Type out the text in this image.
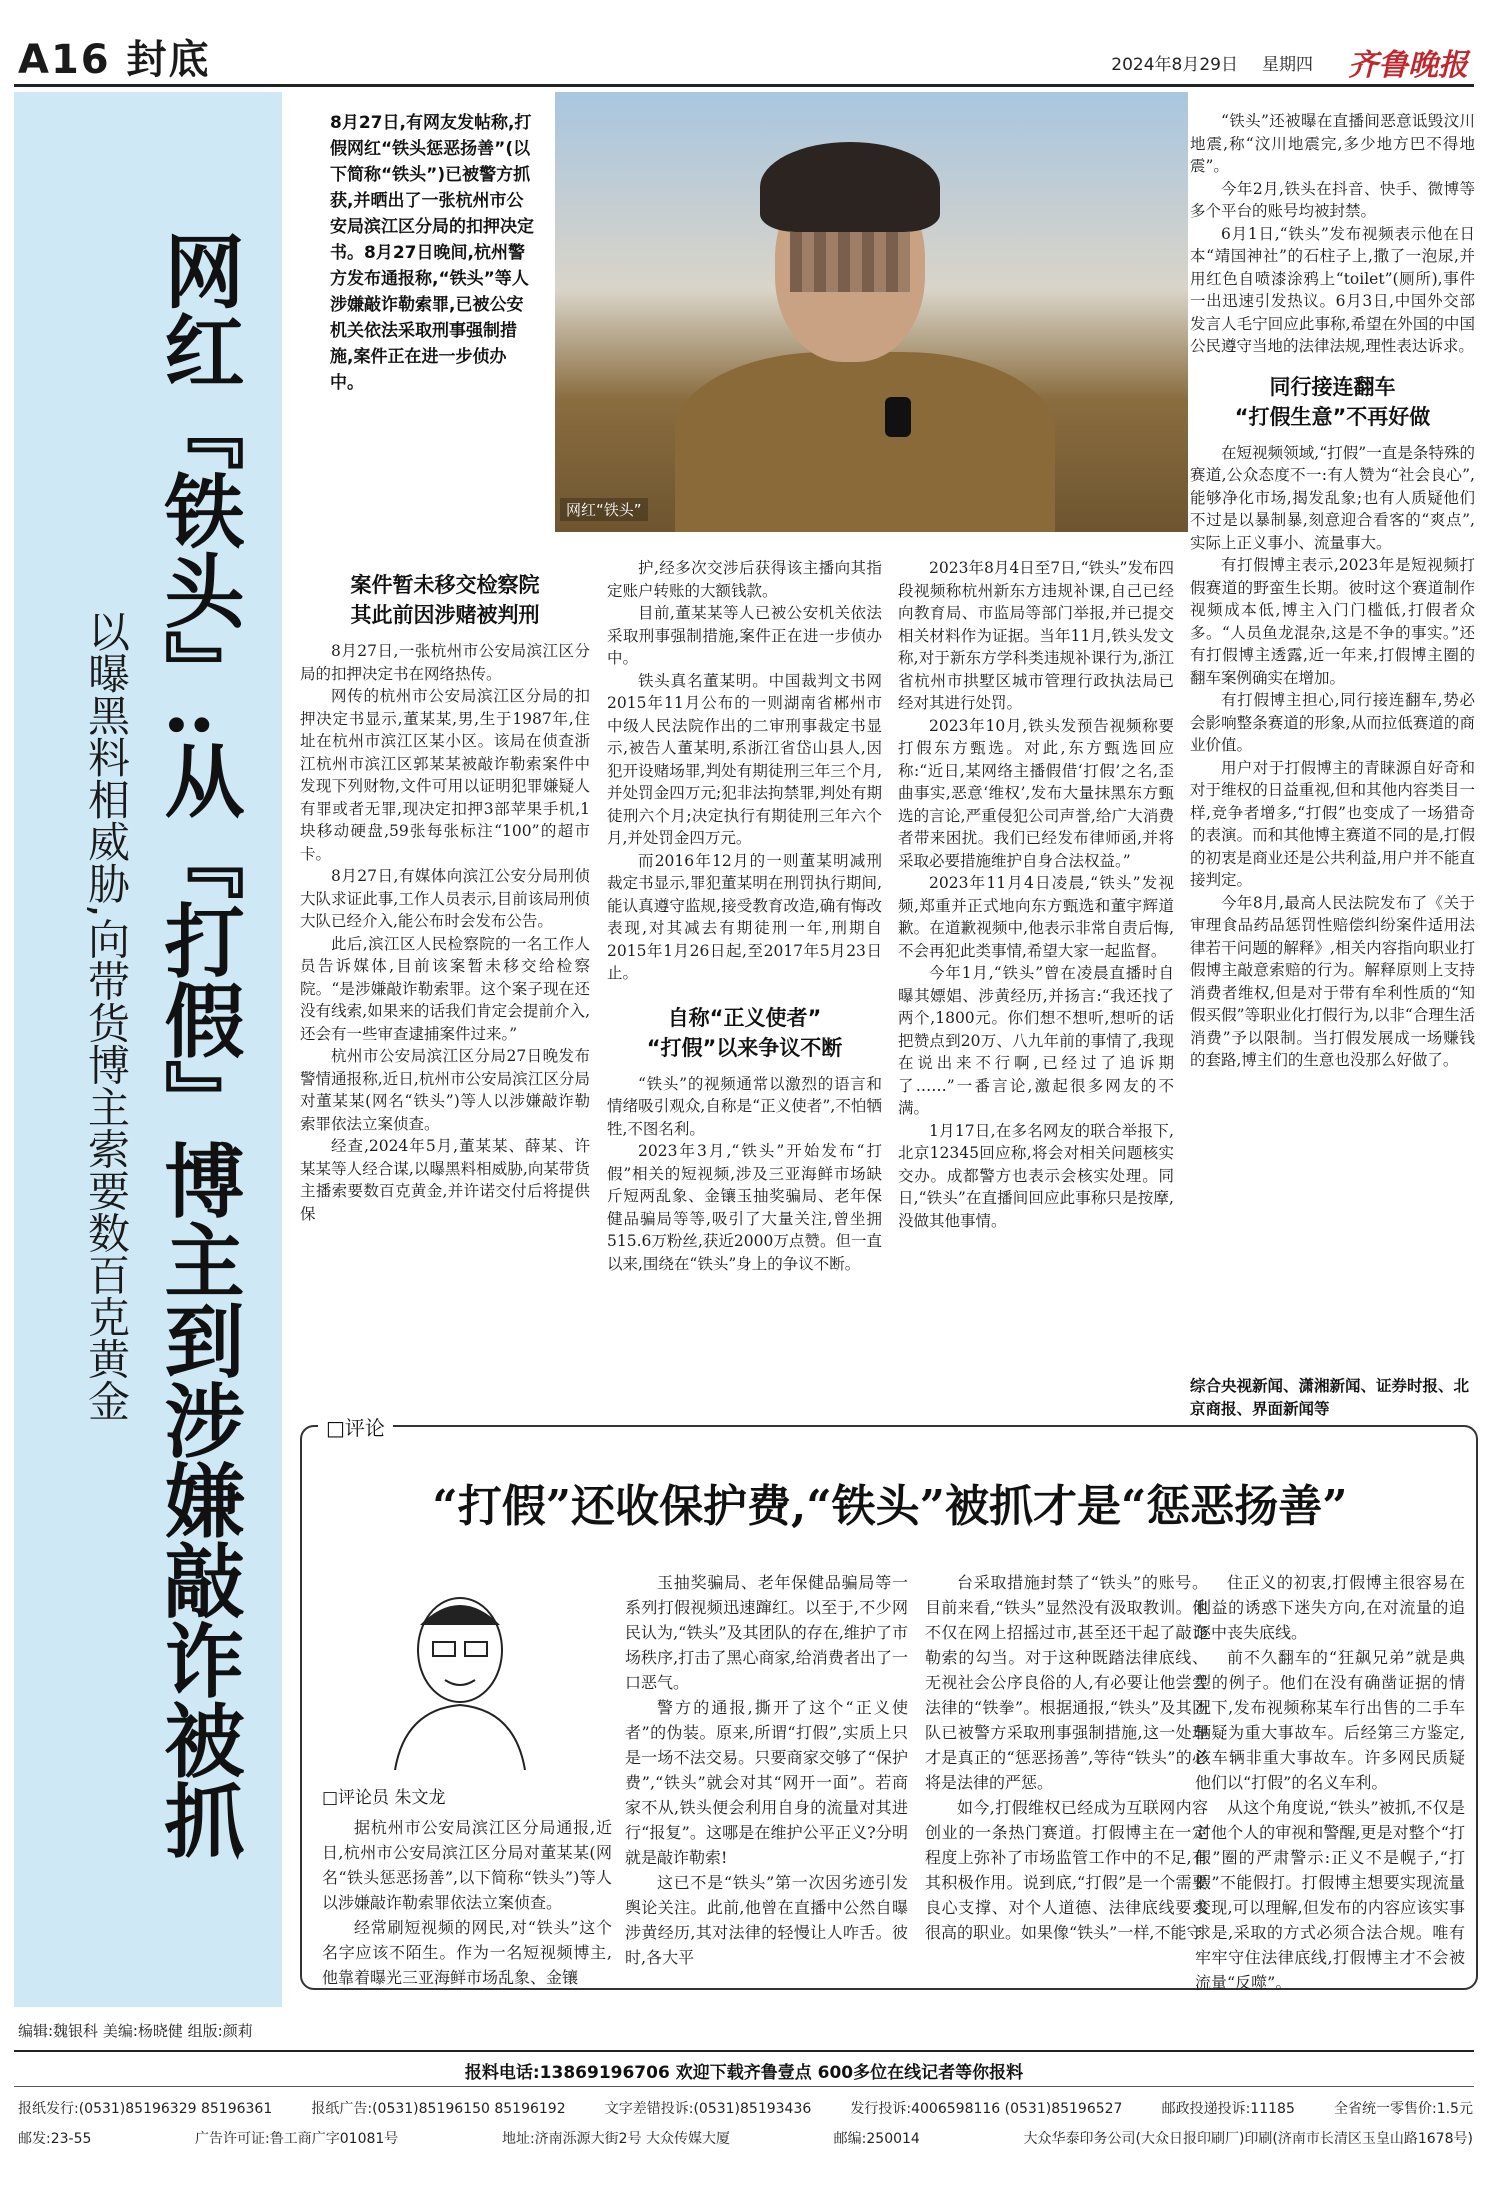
A16 封底	2024年8月29日 星期四 齐鲁晚报
网红『铁头』:从『打假』博主到涉嫌敲诈被抓
以曝黑料相威胁,向带货博主索要数百克黄金
8月27日,有网友发帖称,打假网红“铁头惩恶扬善”(以下简称“铁头”)已被警方抓获,并晒出了一张杭州市公安局滨江区分局的扣押决定书。8月27日晚间,杭州警方发布通报称,“铁头”等人涉嫌敲诈勒索罪,已被公安机关依法采取刑事强制措施,案件正在进一步侦办中。
网红“铁头”
案件暂未移交检察院
其此前因涉赌被判刑

8月27日,一张杭州市公安局滨江区分局的扣押决定书在网络热传。

网传的杭州市公安局滨江区分局的扣押决定书显示,董某某,男,生于1987年,住址在杭州市滨江区某小区。该局在侦查浙江杭州市滨江区郭某某被敲诈勒索案件中发现下列财物,文件可用以证明犯罪嫌疑人有罪或者无罪,现决定扣押3部苹果手机,1块移动硬盘,59张每张标注“100”的超市卡。

8月27日,有媒体向滨江公安分局刑侦大队求证此事,工作人员表示,目前该局刑侦大队已经介入,能公布时会发布公告。

此后,滨江区人民检察院的一名工作人员告诉媒体,目前该案暂未移交给检察院。“是涉嫌敲诈勒索罪。这个案子现在还没有线索,如果来的话我们肯定会提前介入,还会有一些审查逮捕案件过来。”

杭州市公安局滨江区分局27日晚发布警情通报称,近日,杭州市公安局滨江区分局对董某某(网名“铁头”)等人以涉嫌敲诈勒索罪依法立案侦查。

经查,2024年5月,董某某、薛某、许某某等人经合谋,以曝黑料相威胁,向某带货主播索要数百克黄金,并许诺交付后将提供保

护,经多次交涉后获得该主播向其指定账户转账的大额钱款。

目前,董某某等人已被公安机关依法采取刑事强制措施,案件正在进一步侦办中。

铁头真名董某明。中国裁判文书网2015年11月公布的一则湖南省郴州市中级人民法院作出的二审刑事裁定书显示,被告人董某明,系浙江省岱山县人,因犯开设赌场罪,判处有期徒刑三年三个月,并处罚金四万元;犯非法拘禁罪,判处有期徒刑六个月;决定执行有期徒刑三年六个月,并处罚金四万元。

而2016年12月的一则董某明减刑裁定书显示,罪犯董某明在刑罚执行期间,能认真遵守监规,接受教育改造,确有悔改表现,对其减去有期徒刑一年,刑期自2015年1月26日起,至2017年5月23日止。

自称“正义使者”
“打假”以来争议不断

“铁头”的视频通常以激烈的语言和情绪吸引观众,自称是“正义使者”,不怕牺牲,不图名利。

2023年3月,“铁头”开始发布“打假”相关的短视频,涉及三亚海鲜市场缺斤短两乱象、金镶玉抽奖骗局、老年保健品骗局等等,吸引了大量关注,曾坐拥515.6万粉丝,获近2000万点赞。但一直以来,围绕在“铁头”身上的争议不断。

2023年8月4日至7日,“铁头”发布四段视频称杭州新东方违规补课,自己已经向教育局、市监局等部门举报,并已提交相关材料作为证据。当年11月,铁头发文称,对于新东方学科类违规补课行为,浙江省杭州市拱墅区城市管理行政执法局已经对其进行处罚。

2023年10月,铁头发预告视频称要打假东方甄选。对此,东方甄选回应称:“近日,某网络主播假借‘打假’之名,歪曲事实,恶意‘维权’,发布大量抹黑东方甄选的言论,严重侵犯公司声誉,给广大消费者带来困扰。我们已经发布律师函,并将采取必要措施维护自身合法权益。”

2023年11月4日凌晨,“铁头”发视频,郑重并正式地向东方甄选和董宇辉道歉。在道歉视频中,他表示非常自责后悔,不会再犯此类事情,希望大家一起监督。

今年1月,“铁头”曾在凌晨直播时自曝其嫖娼、涉黄经历,并扬言:“我还找了两个,1800元。你们想不想听,想听的话把赞点到20万、八九年前的事情了,我现在说出来不行啊,已经过了追诉期了……”一番言论,激起很多网友的不满。

1月17日,在多名网友的联合举报下,北京12345回应称,将会对相关问题核实交办。成都警方也表示会核实处理。同日,“铁头”在直播间回应此事称只是按摩,没做其他事情。

“铁头”还被曝在直播间恶意诋毁汶川地震,称“汶川地震完,多少地方巴不得地震”。

今年2月,铁头在抖音、快手、微博等多个平台的账号均被封禁。

6月1日,“铁头”发布视频表示他在日本“靖国神社”的石柱子上,撒了一泡尿,并用红色自喷漆涂鸦上“toilet”(厕所),事件一出迅速引发热议。6月3日,中国外交部发言人毛宁回应此事称,希望在外国的中国公民遵守当地的法律法规,理性表达诉求。

同行接连翻车
“打假生意”不再好做

在短视频领域,“打假”一直是条特殊的赛道,公众态度不一:有人赞为“社会良心”,能够净化市场,揭发乱象;也有人质疑他们不过是以暴制暴,刻意迎合看客的“爽点”,实际上正义事小、流量事大。

有打假博主表示,2023年是短视频打假赛道的野蛮生长期。彼时这个赛道制作视频成本低,博主入门门槛低,打假者众多。“人员鱼龙混杂,这是不争的事实。”还有打假博主透露,近一年来,打假博主圈的翻车案例确实在增加。

有打假博主担心,同行接连翻车,势必会影响整条赛道的形象,从而拉低赛道的商业价值。

用户对于打假博主的青睐源自好奇和对于维权的日益重视,但和其他内容类目一样,竞争者增多,“打假”也变成了一场猎奇的表演。而和其他博主赛道不同的是,打假的初衷是商业还是公共利益,用户并不能直接判定。

今年8月,最高人民法院发布了《关于审理食品药品惩罚性赔偿纠纷案件适用法律若干问题的解释》,相关内容指向职业打假博主敲意索赔的行为。解释原则上支持消费者维权,但是对于带有牟利性质的“知假买假”等职业化打假行为,以非“合理生活消费”予以限制。当打假发展成一场赚钱的套路,博主们的生意也没那么好做了。

综合央视新闻、潇湘新闻、证券时报、北京商报、界面新闻等
□评论
“打假”还收保护费,“铁头”被抓才是“惩恶扬善”
□评论员 朱文龙

据杭州市公安局滨江区分局通报,近日,杭州市公安局滨江区分局对董某某(网名“铁头惩恶扬善”,以下简称“铁头”)等人以涉嫌敲诈勒索罪依法立案侦查。

经常刷短视频的网民,对“铁头”这个名字应该不陌生。作为一名短视频博主,他靠着曝光三亚海鲜市场乱象、金镶

玉抽奖骗局、老年保健品骗局等一系列打假视频迅速蹿红。以至于,不少网民认为,“铁头”及其团队的存在,维护了市场秩序,打击了黑心商家,给消费者出了一口恶气。

警方的通报,撕开了这个“正义使者”的伪装。原来,所谓“打假”,实质上只是一场不法交易。只要商家交够了“保护费”,“铁头”就会对其“网开一面”。若商家不从,铁头便会利用自身的流量对其进行“报复”。这哪是在维护公平正义?分明就是敲诈勒索!

这已不是“铁头”第一次因劣迹引发舆论关注。此前,他曾在直播中公然自曝涉黄经历,其对法律的轻慢让人咋舌。彼时,各大平

台采取措施封禁了“铁头”的账号。目前来看,“铁头”显然没有汲取教训。他不仅在网上招摇过市,甚至还干起了敲诈勒索的勾当。对于这种既踏法律底线、无视社会公序良俗的人,有必要让他尝尝法律的“铁拳”。根据通报,“铁头”及其团队已被警方采取刑事强制措施,这一处理才是真正的“惩恶扬善”,等待“铁头”的必将是法律的严惩。

如今,打假维权已经成为互联网内容创业的一条热门赛道。打假博主在一定程度上弥补了市场监管工作中的不足,有其积极作用。说到底,“打假”是一个需要良心支撑、对个人道德、法律底线要求很高的职业。如果像“铁头”一样,不能守

住正义的初衷,打假博主很容易在利益的诱惑下迷失方向,在对流量的追逐中丧失底线。

前不久翻车的“狂飙兄弟”就是典型的例子。他们在没有确凿证据的情况下,发布视频称某车行出售的二手车辆疑为重大事故车。后经第三方鉴定,该车辆非重大事故车。许多网民质疑他们以“打假”的名义车利。

从这个角度说,“铁头”被抓,不仅是对他个人的审视和警醒,更是对整个“打假”圈的严肃警示:正义不是幌子,“打假”不能假打。打假博主想要实现流量变现,可以理解,但发布的内容应该实事求是,采取的方式必须合法合规。唯有牢牢守住法律底线,打假博主才不会被流量“反噬”。

编辑:魏银科 美编:杨晓健 组版:颜莉
报料电话:13869196706 欢迎下载齐鲁壹点 600多位在线记者等你报料
报纸发行:(0531)85196329 85196361	报纸广告:(0531)85196150 85196192	文字差错投诉:(0531)85193436	发行投诉:4006598116 (0531)85196527	邮政投递投诉:11185	全省统一零售价:1.5元
邮发:23-55	广告许可证:鲁工商广字01081号	地址:济南泺源大街2号 大众传媒大厦	邮编:250014	大众华泰印务公司(大众日报印刷厂)印刷(济南市长清区玉皇山路1678号)
